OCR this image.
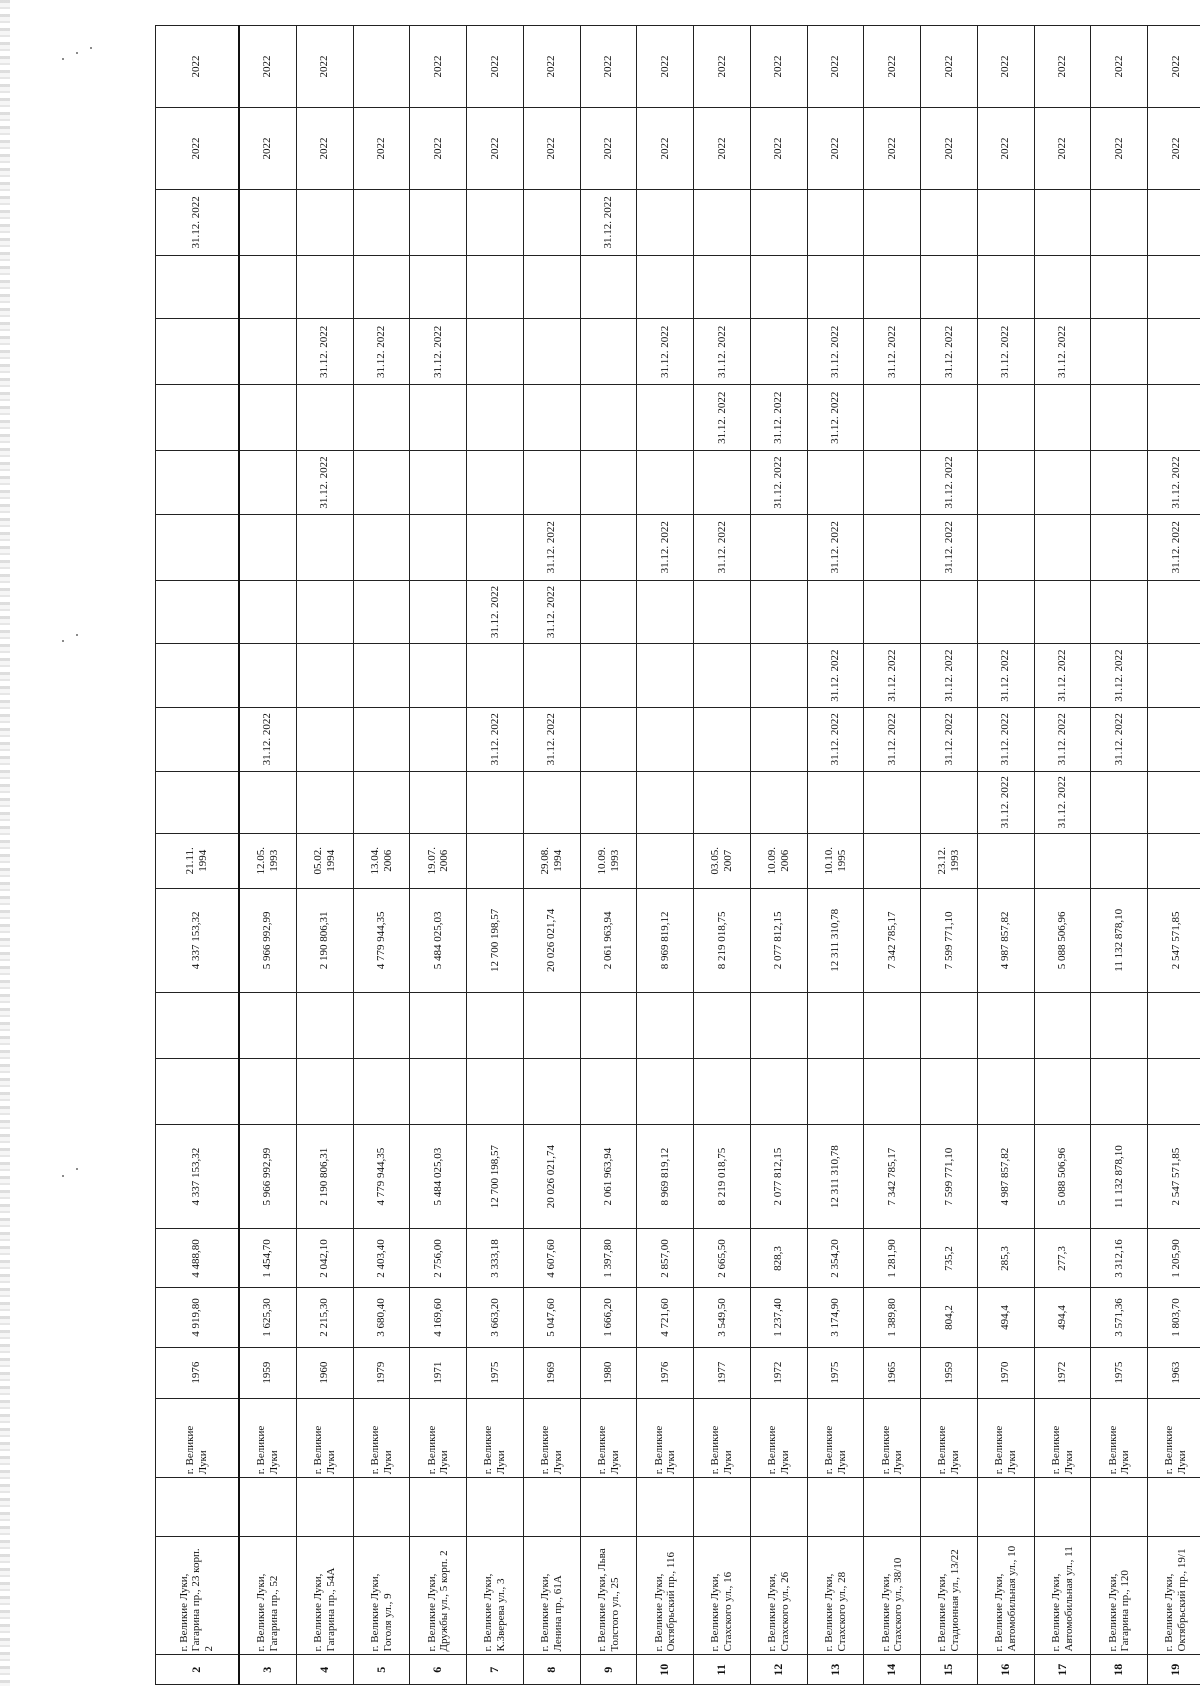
2	г. Великие Луки, Гагарина пр., 23 корп. 2		г. Великие Луки	1976	4 919,80	4 488,80	4 337 153,32			4 337 153,32	21.11. 1994										31.12. 2022	2022	2022
3	г. Великие Луки, Гагарина пр., 52		г. Великие Луки	1959	1 625,30	1 454,70	5 966 992,99			5 966 992,99	12.05. 1993		31.12. 2022									2022	2022
4	г. Великие Луки, Гагарина пр., 54А		г. Великие Луки	1960	2 215,30	2 042,10	2 190 806,31			2 190 806,31	05.02. 1994						31.12. 2022		31.12. 2022			2022	2022
5	г. Великие Луки, Гоголя ул., 9		г. Великие Луки	1979	3 680,40	2 403,40	4 779 944,35			4 779 944,35	13.04. 2006								31.12. 2022			2022	
6	г. Великие Луки, Дружбы ул., 5 корп. 2		г. Великие Луки	1971	4 169,60	2 756,00	5 484 025,03			5 484 025,03	19.07. 2006								31.12. 2022			2022	2022
7	г. Великие Луки, К.Зверева ул., 3		г. Великие Луки	1975	3 663,20	3 333,18	12 700 198,57			12 700 198,57			31.12. 2022		31.12. 2022							2022	2022
8	г. Великие Луки, Ленина пр., 61А		г. Великие Луки	1969	5 047,60	4 607,60	20 026 021,74			20 026 021,74	29.08. 1994		31.12. 2022		31.12. 2022	31.12. 2022						2022	2022
9	г. Великие Луки, Льва Толстого ул., 25		г. Великие Луки	1980	1 666,20	1 397,80	2 061 963,94			2 061 963,94	10.09. 1993										31.12. 2022	2022	2022
10	г. Великие Луки, Октябрьский пр., 116		г. Великие Луки	1976	4 721,60	2 857,00	8 969 819,12			8 969 819,12						31.12. 2022			31.12. 2022			2022	2022
11	г. Великие Луки, Стахского ул., 16		г. Великие Луки	1977	3 549,50	2 665,50	8 219 018,75			8 219 018,75	03.05. 2007					31.12. 2022		31.12. 2022	31.12. 2022			2022	2022
12	г. Великие Луки, Стахского ул., 26		г. Великие Луки	1972	1 237,40	828,3	2 077 812,15			2 077 812,15	10.09. 2006						31.12. 2022	31.12. 2022				2022	2022
13	г. Великие Луки, Стахского ул., 28		г. Великие Луки	1975	3 174,90	2 354,20	12 311 310,78			12 311 310,78	10.10. 1995		31.12. 2022	31.12. 2022		31.12. 2022		31.12. 2022	31.12. 2022			2022	2022
14	г. Великие Луки, Стахского ул., 38/10		г. Великие Луки	1965	1 389,80	1 281,90	7 342 785,17			7 342 785,17			31.12. 2022	31.12. 2022					31.12. 2022			2022	2022
15	г. Великие Луки, Стадионная ул., 13/22		г. Великие Луки	1959	804,2	735,2	7 599 771,10			7 599 771,10	23.12. 1993		31.12. 2022	31.12. 2022		31.12. 2022	31.12. 2022		31.12. 2022			2022	2022
16	г. Великие Луки, Автомобильная ул., 10		г. Великие Луки	1970	494,4	285,3	4 987 857,82			4 987 857,82		31.12. 2022	31.12. 2022	31.12. 2022					31.12. 2022			2022	2022
17	г. Великие Луки, Автомобильная ул., 11		г. Великие Луки	1972	494,4	277,3	5 088 506,96			5 088 506,96		31.12. 2022	31.12. 2022	31.12. 2022					31.12. 2022			2022	2022
18	г. Великие Луки, Гагарина пр., 120		г. Великие Луки	1975	3 571,36	3 312,16	11 132 878,10			11 132 878,10			31.12. 2022	31.12. 2022								2022	2022
19	г. Великие Луки, Октябрьский пр., 19/1		г. Великие Луки	1963	1 803,70	1 205,90	2 547 571,85			2 547 571,85						31.12. 2022	31.12. 2022					2022	2022
